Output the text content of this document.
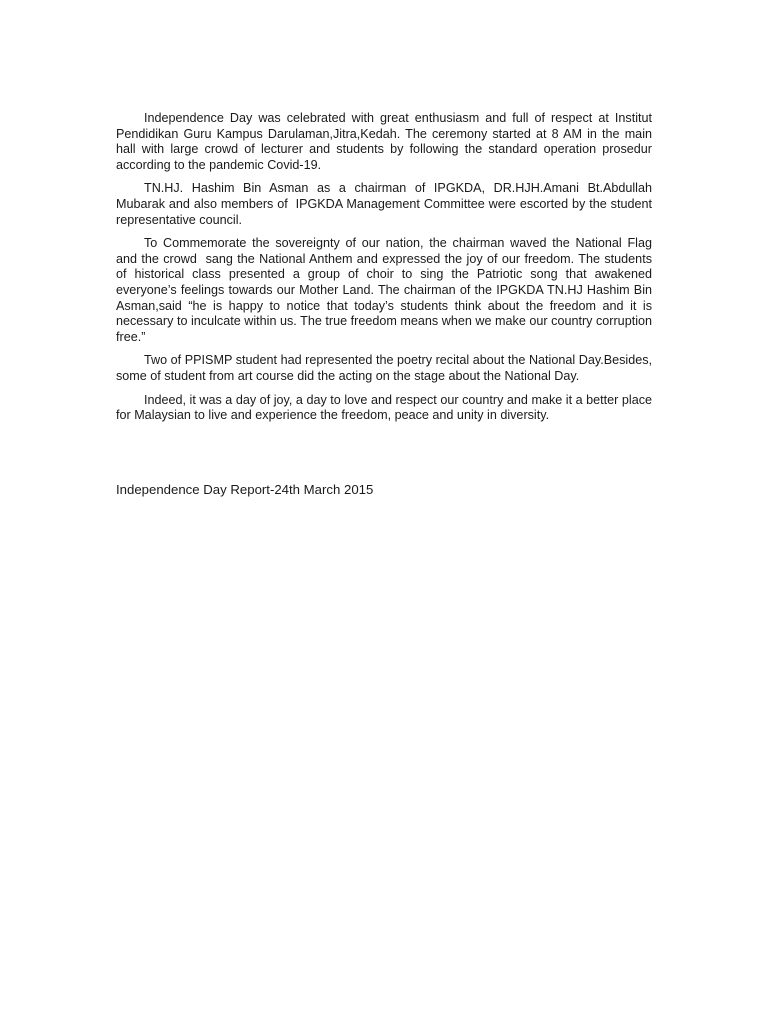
Independence Day was celebrated with great enthusiasm and full of respect at Institut Pendidikan Guru Kampus Darulaman,Jitra,Kedah. The ceremony started at 8 AM in the main hall with large crowd of lecturer and students by following the standard operation prosedur according to the pandemic Covid-19.

TN.HJ. Hashim Bin Asman as a chairman of IPGKDA, DR.HJH.Amani Bt.Abdullah Mubarak and also members of  IPGKDA Management Committee were escorted by the student representative council.

To Commemorate the sovereignty of our nation, the chairman waved the National Flag  and the crowd  sang the National Anthem and expressed the joy of our freedom. The students of historical class presented a group of choir to sing the Patriotic song that awakened everyone’s feelings towards our Mother Land. The chairman of the IPGKDA TN.HJ Hashim Bin Asman,said “he is happy to notice that today’s students think about the freedom and it is necessary to inculcate within us. The true freedom means when we make our country corruption free.”

Two of PPISMP student had represented the poetry recital about the National Day.Besides, some of student from art course did the acting on the stage about the National Day.

Indeed, it was a day of joy, a day to love and respect our country and make it a better place for Malaysian to live and experience the freedom, peace and unity in diversity.

Independence Day Report-24th March 2015
